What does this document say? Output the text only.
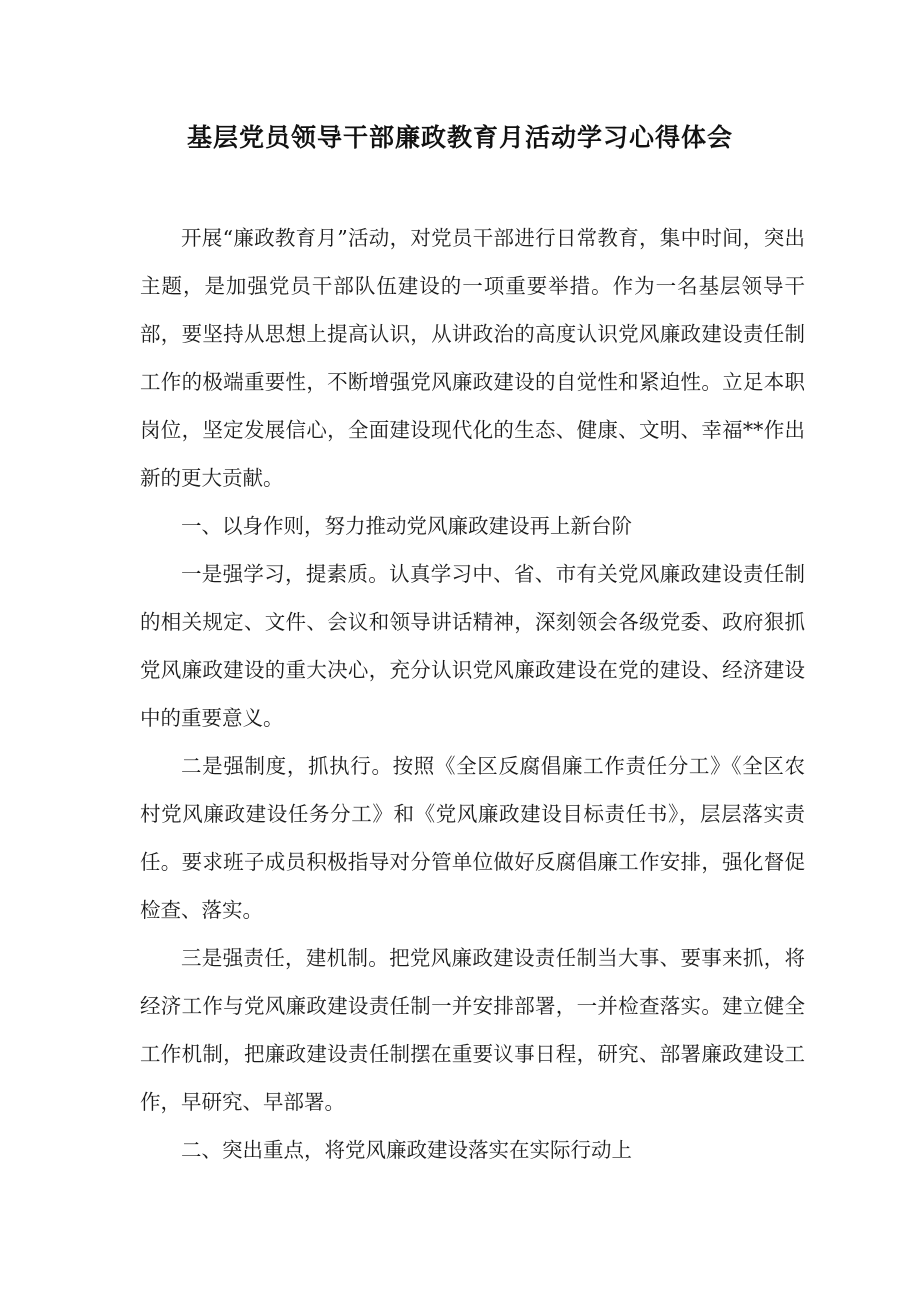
基层党员领导干部廉政教育月活动学习心得体会

开展“廉政教育月”活动，对党员干部进行日常教育，集中时间，突出主题，是加强党员干部队伍建设的一项重要举措。作为一名基层领导干部，要坚持从思想上提高认识，从讲政治的高度认识党风廉政建设责任制工作的极端重要性，不断增强党风廉政建设的自觉性和紧迫性。立足本职岗位，坚定发展信心，全面建设现代化的生态、健康、文明、幸福**作出新的更大贡献。

一、以身作则，努力推动党风廉政建设再上新台阶

一是强学习，提素质。认真学习中、省、市有关党风廉政建设责任制的相关规定、文件、会议和领导讲话精神，深刻领会各级党委、政府狠抓党风廉政建设的重大决心，充分认识党风廉政建设在党的建设、经济建设中的重要意义。

二是强制度，抓执行。按照《全区反腐倡廉工作责任分工》《全区农村党风廉政建设任务分工》和《党风廉政建设目标责任书》，层层落实责任。要求班子成员积极指导对分管单位做好反腐倡廉工作安排，强化督促检查、落实。

三是强责任，建机制。把党风廉政建设责任制当大事、要事来抓，将经济工作与党风廉政建设责任制一并安排部署，一并检查落实。建立健全工作机制，把廉政建设责任制摆在重要议事日程，研究、部署廉政建设工作，早研究、早部署。

二、突出重点，将党风廉政建设落实在实际行动上
